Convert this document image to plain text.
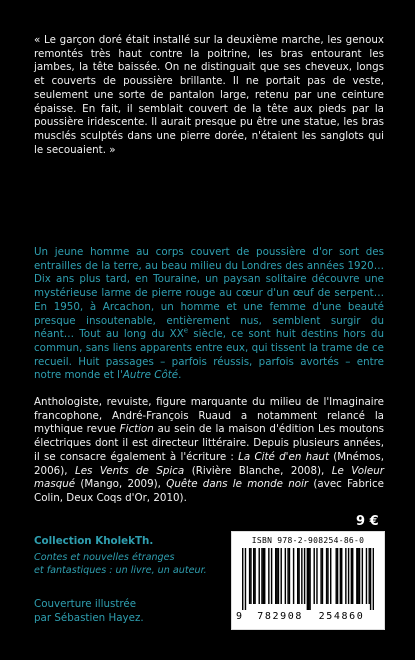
« Le garçon doré était installé sur la deuxième marche, les genoux remontés très haut contre la poitrine, les bras entourant les jambes, la tête baissée. On ne distinguait que ses cheveux, longs et couverts de poussière brillante. Il ne portait pas de veste, seulement une sorte de pantalon large, retenu par une ceinture épaisse. En fait, il semblait couvert de la tête aux pieds par la poussière iridescente. Il aurait presque pu être une statue, les bras musclés sculptés dans une pierre dorée, n'étaient les sanglots qui le secouaient. »

Un jeune homme au corps couvert de poussière d'or sort des entrailles de la terre, au beau milieu du Londres des années 1920… Dix ans plus tard, en Touraine, un paysan solitaire découvre une mystérieuse larme de pierre rouge au cœur d'un œuf de serpent… En 1950, à Arcachon, un homme et une femme d'une beauté presque insoutenable, entièrement nus, semblent surgir du néant… Tout au long du XXe siècle, ce sont huit destins hors du commun, sans liens apparents entre eux, qui tissent la trame de ce recueil. Huit passages – parfois réussis, parfois avortés – entre notre monde et l'Autre Côté.

Anthologiste, revuiste, figure marquante du milieu de l'Imaginaire francophone, André-François Ruaud a notamment relancé la mythique revue Fiction au sein de la maison d'édition Les moutons électriques dont il est directeur littéraire. Depuis plusieurs années, il se consacre également à l'écriture : La Cité d'en haut (Mnémos, 2006), Les Vents de Spica (Rivière Blanche, 2008), Le Voleur masqué (Mango, 2009), Quête dans le monde noir (avec Fabrice Colin, Deux Coqs d'Or, 2010).

9 €
Collection KholekTh.
Contes et nouvelles étranges
et fantastiques : un livre, un auteur.
Couverture illustrée
par Sébastien Hayez.
ISBN 978-2-908254-86-0
9 782908 254860
